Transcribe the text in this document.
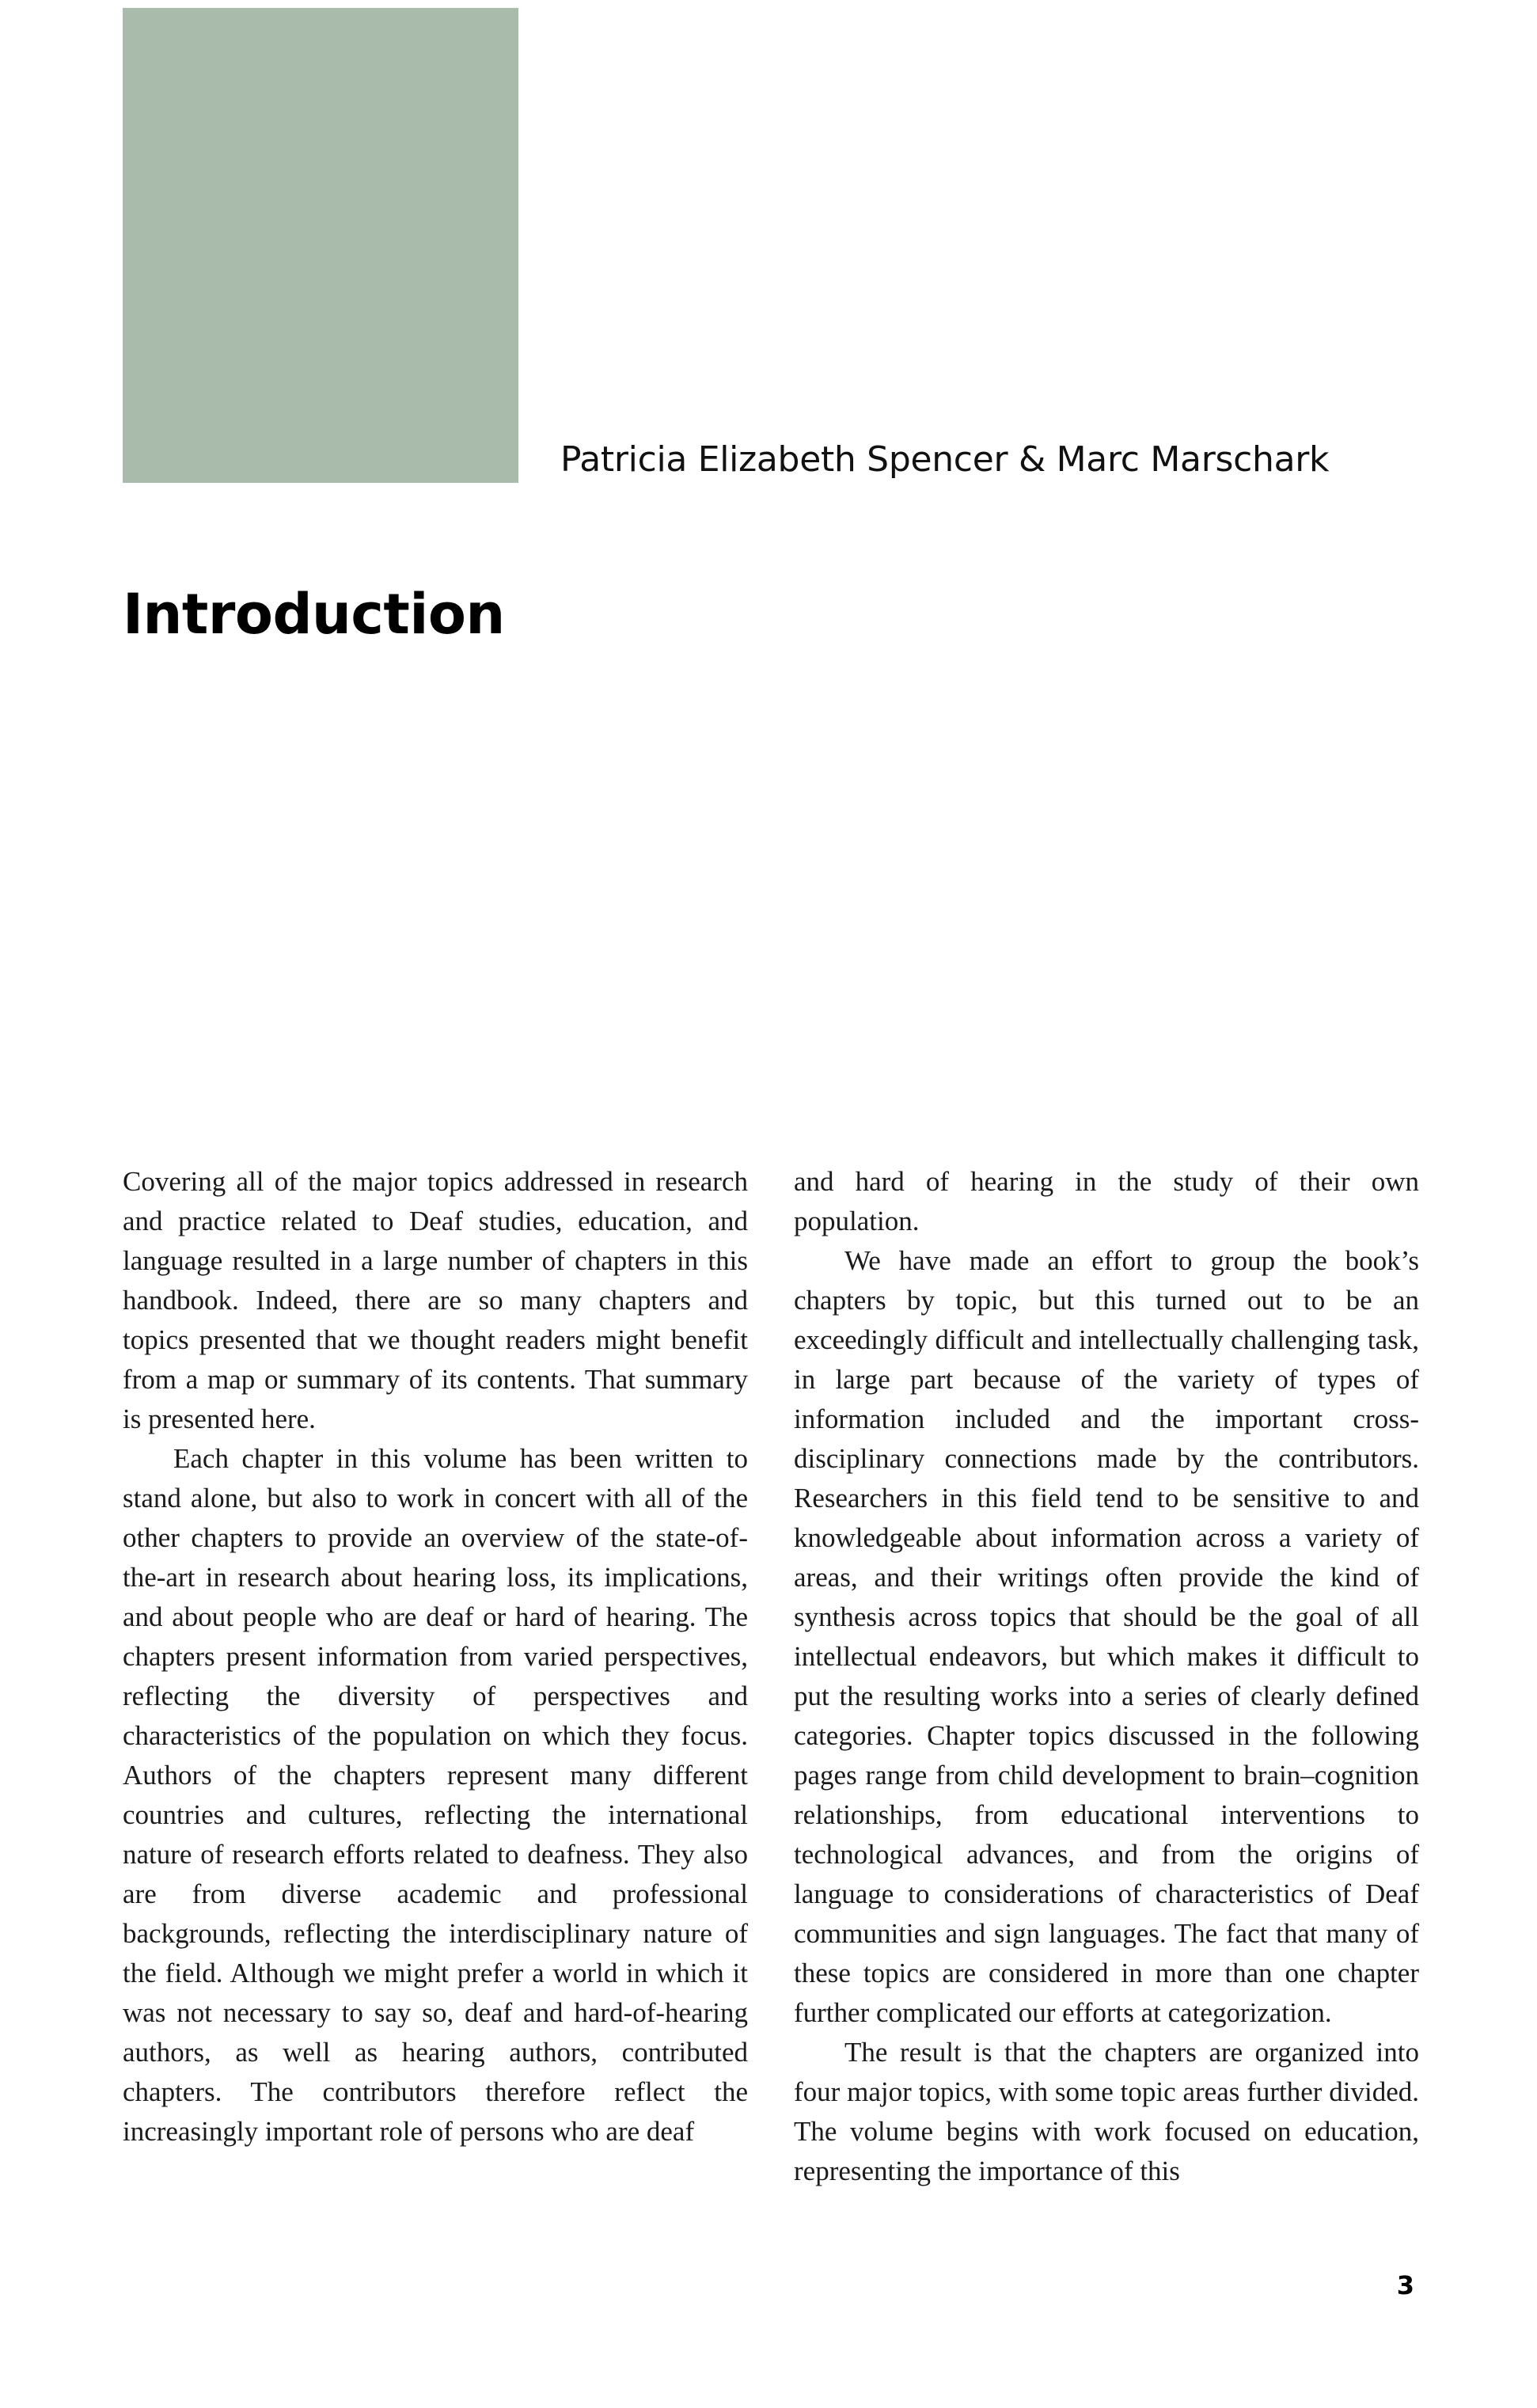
Patricia Elizabeth Spencer & Marc Marschark
Introduction

Covering all of the major topics addressed in research and practice related to Deaf studies, education, and language resulted in a large number of chapters in this handbook. Indeed, there are so many chapters and topics presented that we thought readers might benefit from a map or summary of its contents. That summary is presented here.

Each chapter in this volume has been written to stand alone, but also to work in concert with all of the other chapters to provide an overview of the state-of-the-art in research about hearing loss, its implications, and about people who are deaf or hard of hearing. The chapters present information from varied perspectives, reflecting the diversity of perspectives and characteristics of the population on which they focus. Authors of the chapters represent many different countries and cultures, reflecting the international nature of research efforts related to deafness. They also are from diverse academic and professional backgrounds, reflecting the interdisciplinary nature of the field. Although we might prefer a world in which it was not necessary to say so, deaf and hard-of-hearing authors, as well as hearing authors, contributed chapters. The contributors therefore reflect the increasingly important role of persons who are deaf

and hard of hearing in the study of their own population.

We have made an effort to group the book’s chapters by topic, but this turned out to be an exceedingly difficult and intellectually challenging task, in large part because of the variety of types of information included and the important cross-disciplinary connections made by the contributors. Researchers in this field tend to be sensitive to and knowledgeable about information across a variety of areas, and their writings often provide the kind of synthesis across topics that should be the goal of all intellectual endeavors, but which makes it difficult to put the resulting works into a series of clearly defined categories. Chapter topics discussed in the following pages range from child development to brain–cognition relationships, from educational interventions to technological advances, and from the origins of language to considerations of characteristics of Deaf communities and sign languages. The fact that many of these topics are considered in more than one chapter further complicated our efforts at categorization.

The result is that the chapters are organized into four major topics, with some topic areas further divided. The volume begins with work focused on education, representing the importance of this

3
